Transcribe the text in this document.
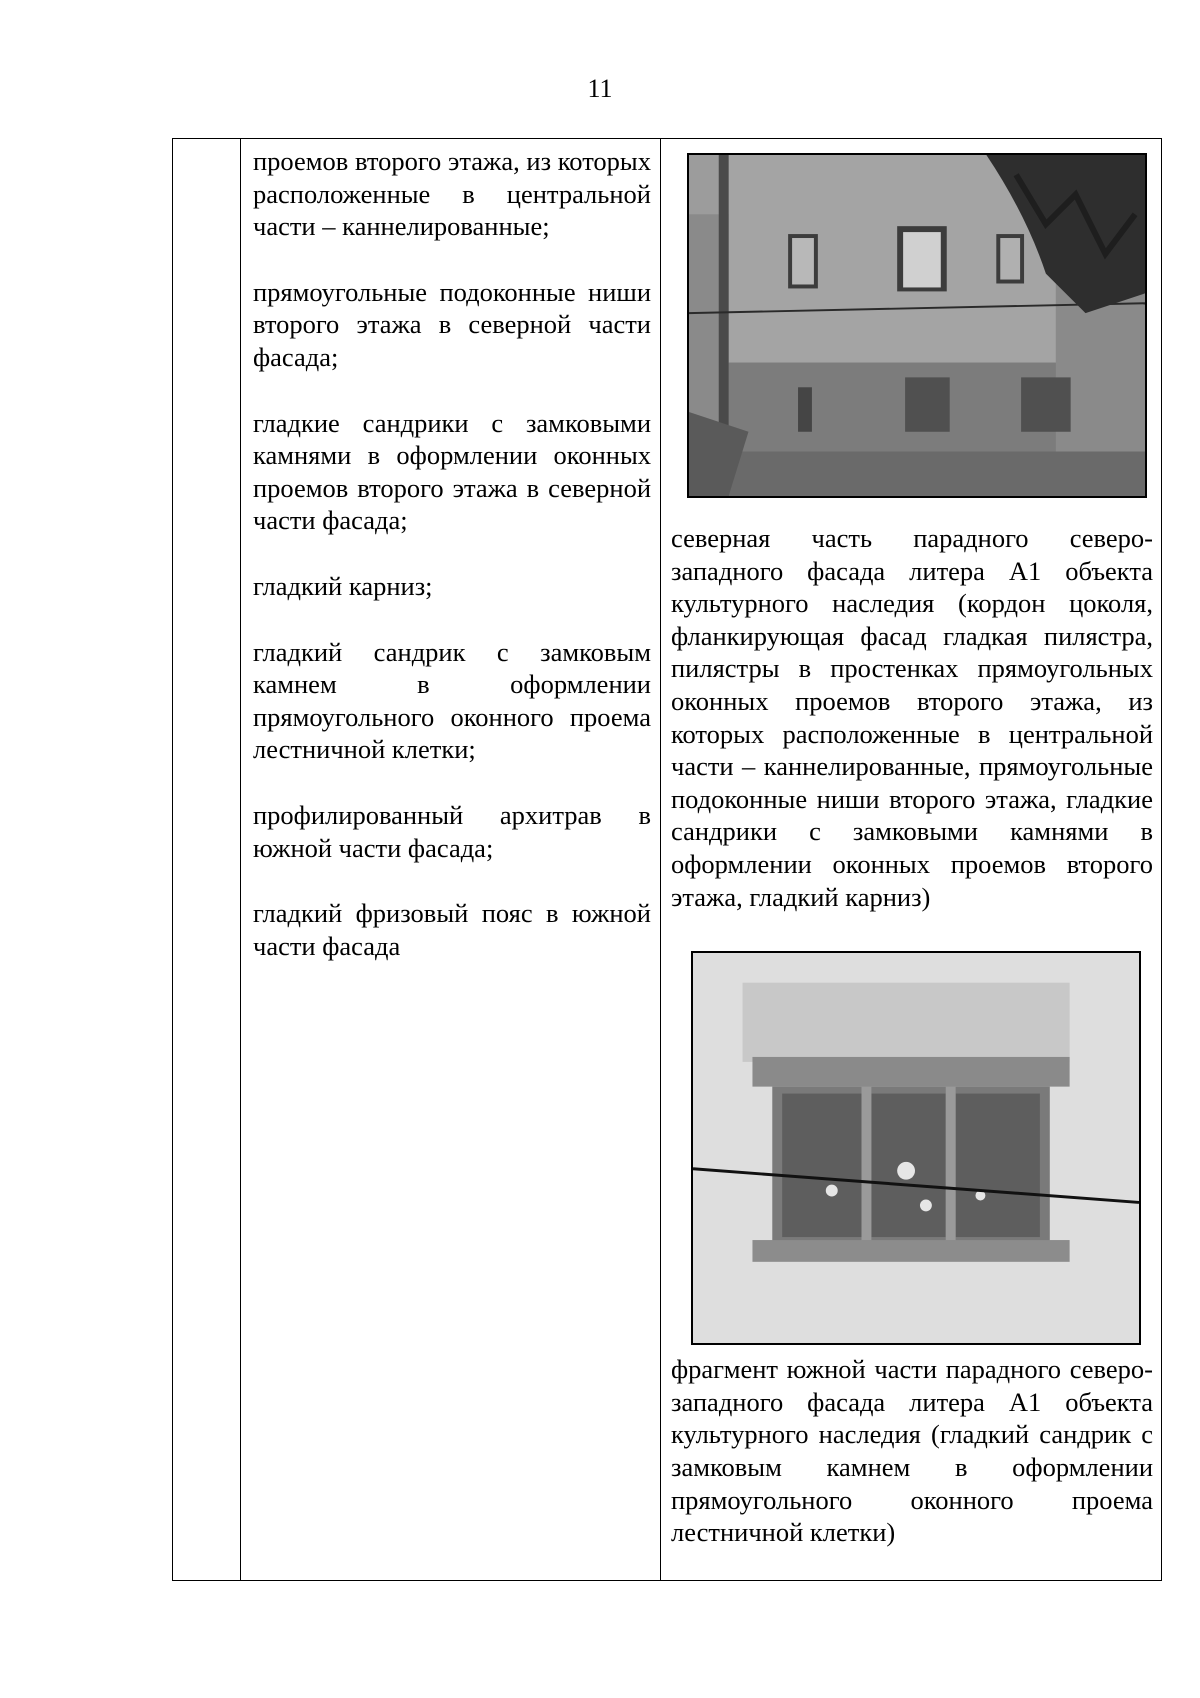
11

проемов второго этажа, из которых расположенные в центральной части – каннелированные;

прямоугольные подоконные ниши второго этажа в северной части фасада;

гладкие сандрики с замковыми камнями в оформлении оконных проемов второго этажа в северной части фасада;

гладкий карниз;

гладкий сандрик с замковым камнем в оформлении прямоугольного оконного проема лестничной клетки;

профилированный архитрав в южной части фасада;

гладкий фризовый пояс в южной части фасада

северная часть парадного северо-западного фасада литера А1 объекта культурного наследия (кордон цоколя, фланкирующая фасад гладкая пилястра, пилястры в простенках прямоугольных оконных проемов второго этажа, из которых расположенные в центральной части – каннелированные, прямоугольные подоконные ниши второго этажа, гладкие сандрики с замковыми камнями в оформлении оконных проемов второго этажа, гладкий карниз)

фрагмент южной части парадного северо-западного фасада литера А1 объекта культурного наследия (гладкий сандрик с замковым камнем в оформлении прямоугольного оконного проема лестничной клетки)
